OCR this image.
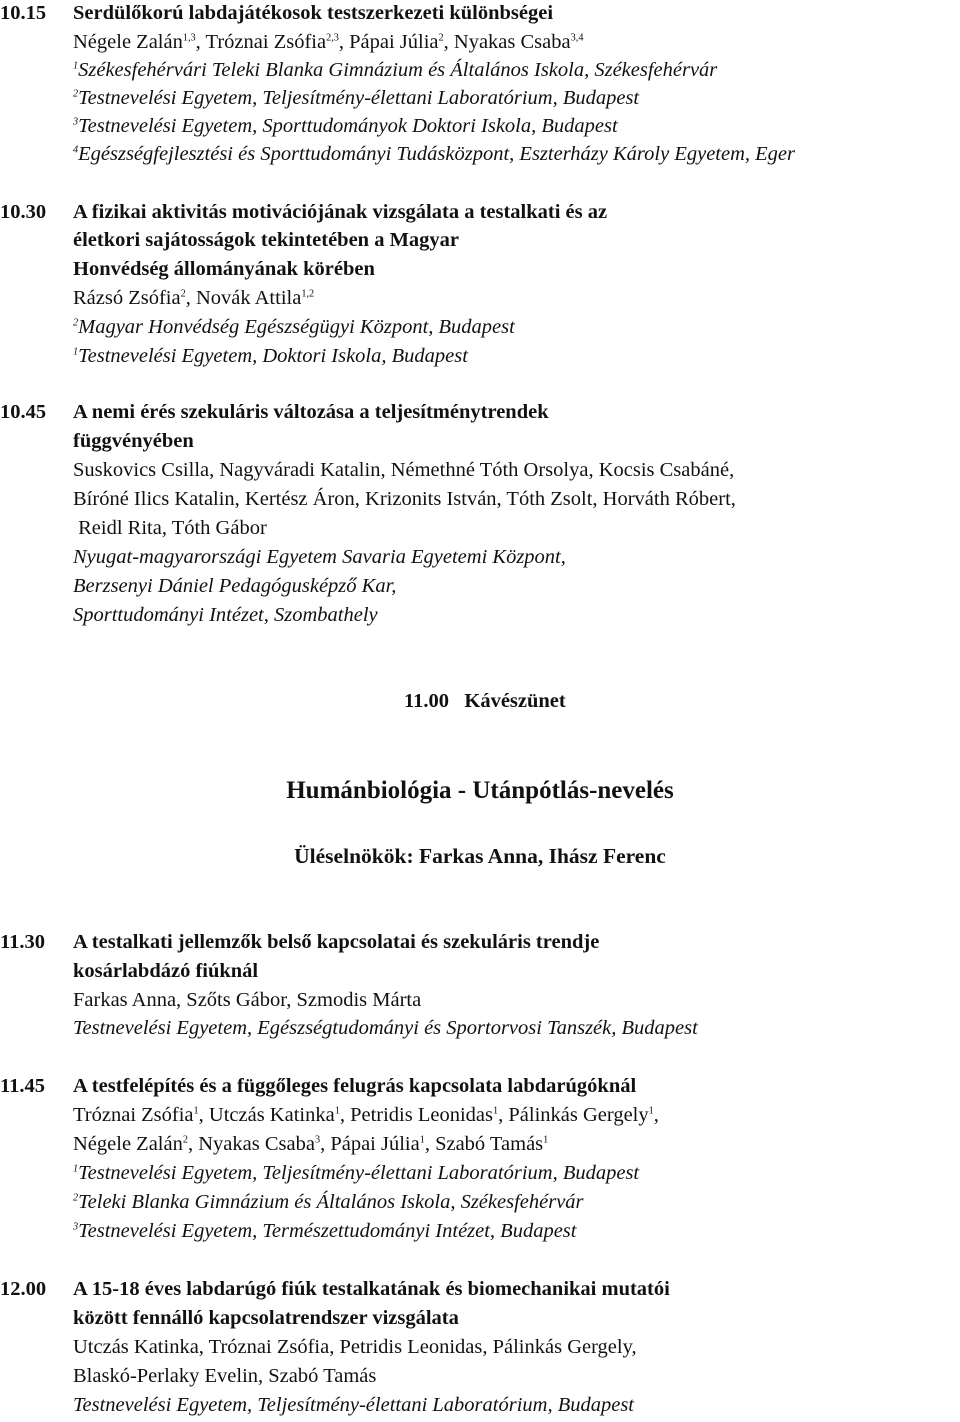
10.15 Serdülőkorú labdajátékosok testszerkezeti különbségei
Négele Zalán$^{1,3}$, Tróznai Zsófia$^{2,3}$, Pápai Júlia$^2$, Nyakas Csaba$^{3,4}$
$^1$Székesfehérvári Teleki Blanka Gimnázium és Általános Iskola, Székesfehérvár
$^2$Testnevelési Egyetem, Teljesítmény-élettani Laboratórium, Budapest
$^3$Testnevelési Egyetem, Sporttudományok Doktori Iskola, Budapest
$^4$Egészségfejlesztési és Sporttudományi Tudásközpont, Eszterházy Károly Egyetem, Eger
10.30 A fizikai aktivitás motivációjának vizsgálata a testalkati és az
életkori sajátosságok tekintetében a Magyar
Honvédség állományának körében
Rázsó Zsófia$^2$, Novák Attila$^{1,2}$
$^2$Magyar Honvédség Egészségügyi Központ, Budapest
$^1$Testnevelési Egyetem, Doktori Iskola, Budapest
10.45 A nemi érés szekuláris változása a teljesítménytrendek
függvényében
Suskovics Csilla, Nagyváradi Katalin, Némethné Tóth Orsolya, Kocsis Csabáné,
Bíróné Ilics Katalin, Kertész Áron, Krizonits István, Tóth Zsolt, Horváth Róbert,
Reidl Rita, Tóth Gábor
Nyugat-magyarországi Egyetem Savaria Egyetemi Központ,
Berzsenyi Dániel Pedagógusképző Kar,
Sporttudományi Intézet, Szombathely
11.00 Kávészünet
Humánbiológia - Utánpótlás-nevelés
Üléselnökök: Farkas Anna, Ihász Ferenc
11.30 A testalkati jellemzők belső kapcsolatai és szekuláris trendje
kosárlabdázó fiúknál
Farkas Anna, Szőts Gábor, Szmodis Márta
Testnevelési Egyetem, Egészségtudományi és Sportorvosi Tanszék, Budapest
11.45 A testfelépítés és a függőleges felugrás kapcsolata labdarúgóknál
Tróznai Zsófia$^1$, Utczás Katinka$^1$, Petridis Leonidas$^1$, Pálinkás Gergely$^1$,
Négele Zalán$^2$, Nyakas Csaba$^3$, Pápai Júlia$^1$, Szabó Tamás$^1$
$^1$Testnevelési Egyetem, Teljesítmény-élettani Laboratórium, Budapest
$^2$Teleki Blanka Gimnázium és Általános Iskola, Székesfehérvár
$^3$Testnevelési Egyetem, Természettudományi Intézet, Budapest
12.00 A 15-18 éves labdarúgó fiúk testalkatának és biomechanikai mutatói
között fennálló kapcsolatrendszer vizsgálata
Utczás Katinka, Tróznai Zsófia, Petridis Leonidas, Pálinkás Gergely,
Blaskó-Perlaky Evelin, Szabó Tamás
Testnevelési Egyetem, Teljesítmény-élettani Laboratórium, Budapest
